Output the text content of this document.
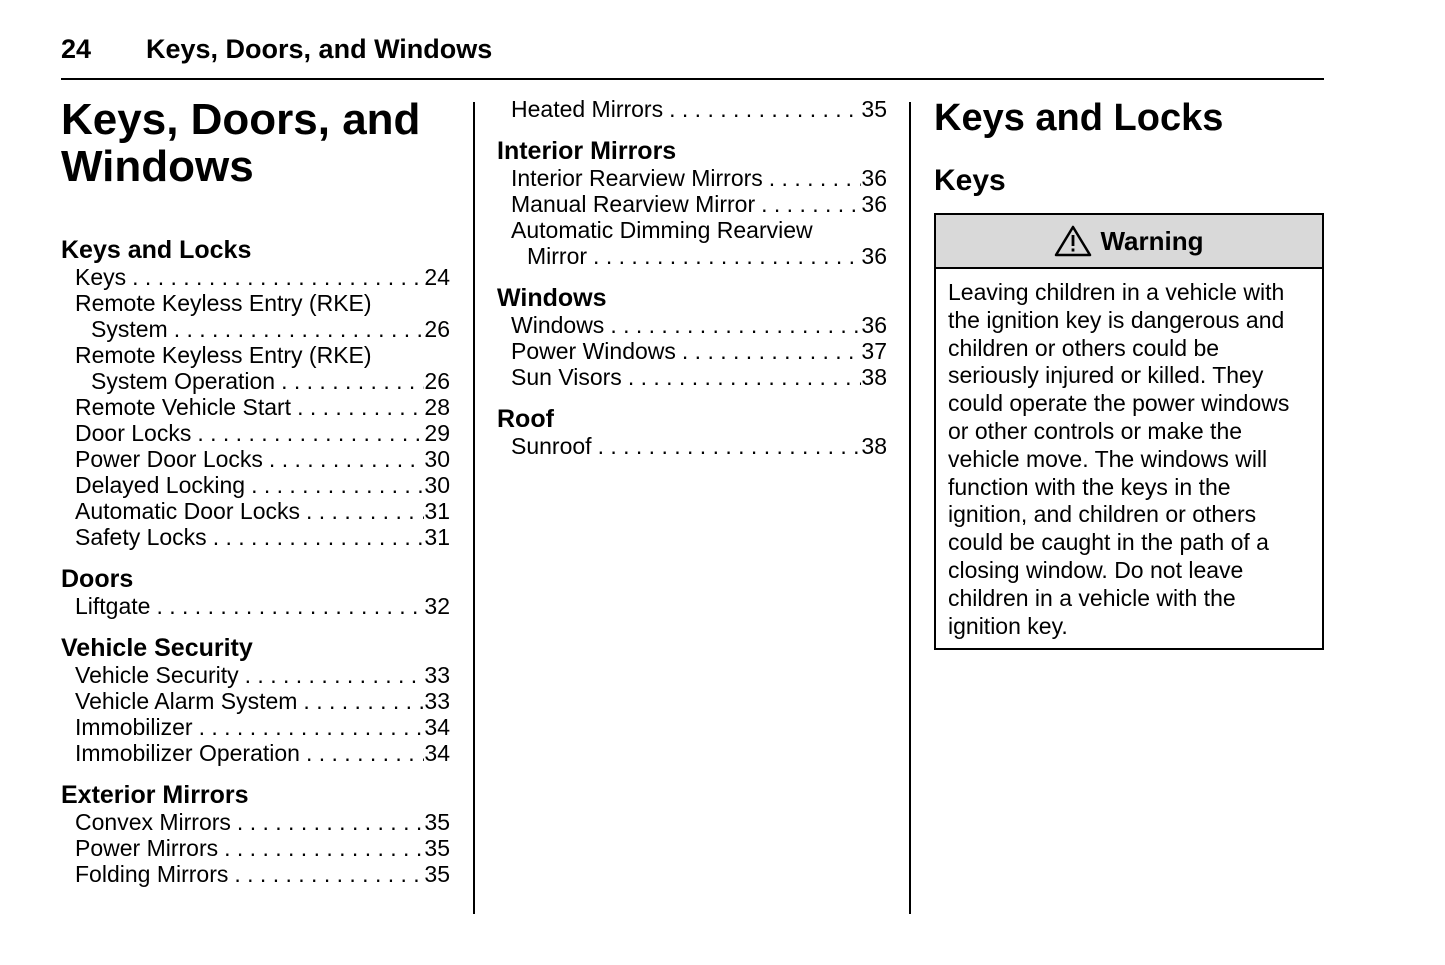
24 Keys, Doors, and Windows
Keys, Doors, and
Windows
Keys and Locks
Keys . . .	24
Remote Keyless Entry (RKE)
System . . .	26
Remote Keyless Entry (RKE)
System Operation . . .	26
Remote Vehicle Start . . .	28
Door Locks . . .	29
Power Door Locks . . .	30
Delayed Locking . . .	30
Automatic Door Locks . . .	31
Safety Locks . . .	31
Doors
Liftgate . . .	32
Vehicle Security
Vehicle Security . . .	33
Vehicle Alarm System . . .	33
Immobilizer . . .	34
Immobilizer Operation . . .	34
Exterior Mirrors
Convex Mirrors . . .	35
Power Mirrors . . .	35
Folding Mirrors . . .	35
Heated Mirrors . . .	35
Interior Mirrors
Interior Rearview Mirrors . . .	36
Manual Rearview Mirror . . .	36
Automatic Dimming Rearview
Mirror . . .	36
Windows
Windows . . .	36
Power Windows . . .	37
Sun Visors . . .	38
Roof
Sunroof . . .	38
Keys and Locks
Keys
Warning
Leaving children in a vehicle with
the ignition key is dangerous and
children or others could be
seriously injured or killed. They
could operate the power windows
or other controls or make the
vehicle move. The windows will
function with the keys in the
ignition, and children or others
could be caught in the path of a
closing window. Do not leave
children in a vehicle with the
ignition key.
